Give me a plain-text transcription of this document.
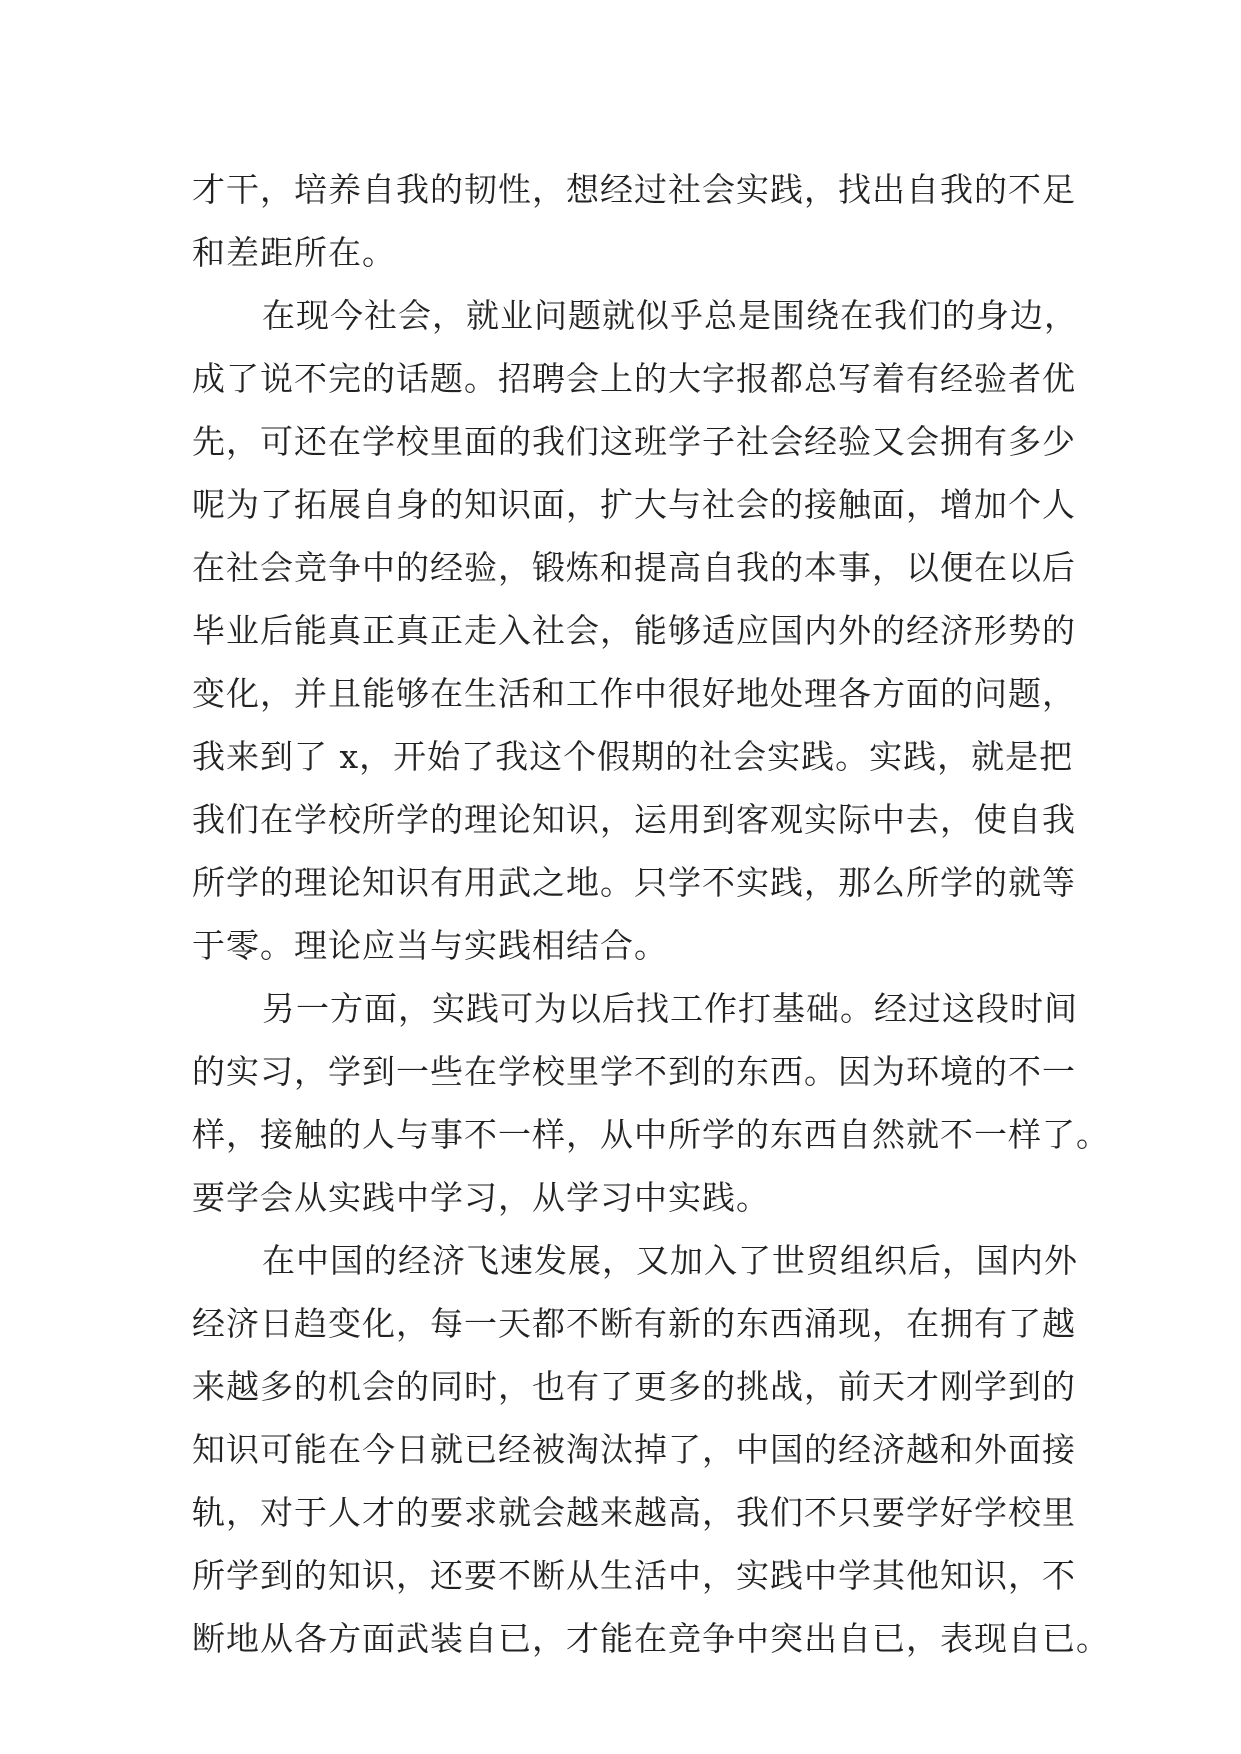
才干，培养自我的韧性，想经过社会实践，找出自我的不足
和差距所在。
在现今社会，就业问题就似乎总是围绕在我们的身边，
成了说不完的话题。招聘会上的大字报都总写着有经验者优
先，可还在学校里面的我们这班学子社会经验又会拥有多少
呢为了拓展自身的知识面，扩大与社会的接触面，增加个人
在社会竞争中的经验，锻炼和提高自我的本事，以便在以后
毕业后能真正真正走入社会，能够适应国内外的经济形势的
变化，并且能够在生活和工作中很好地处理各方面的问题，
我来到了 x，开始了我这个假期的社会实践。实践，就是把
我们在学校所学的理论知识，运用到客观实际中去，使自我
所学的理论知识有用武之地。只学不实践，那么所学的就等
于零。理论应当与实践相结合。
另一方面，实践可为以后找工作打基础。经过这段时间
的实习，学到一些在学校里学不到的东西。因为环境的不一
样，接触的人与事不一样，从中所学的东西自然就不一样了。
要学会从实践中学习，从学习中实践。
在中国的经济飞速发展，又加入了世贸组织后，国内外
经济日趋变化，每一天都不断有新的东西涌现，在拥有了越
来越多的机会的同时，也有了更多的挑战，前天才刚学到的
知识可能在今日就已经被淘汰掉了，中国的经济越和外面接
轨，对于人才的要求就会越来越高，我们不只要学好学校里
所学到的知识，还要不断从生活中，实践中学其他知识，不
断地从各方面武装自已，才能在竞争中突出自已，表现自已。
